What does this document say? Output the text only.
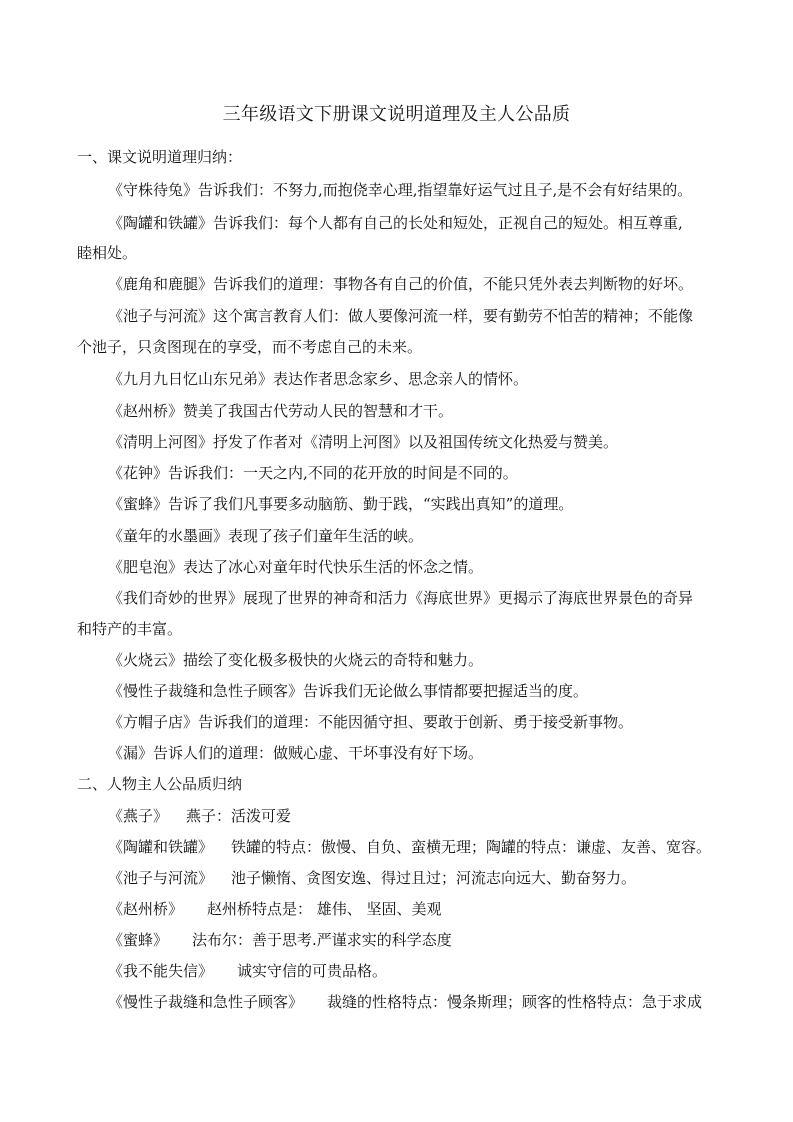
三年级语文下册课文说明道理及主人公品质
一、课文说明道理归纳：
《守株待兔》告诉我们：不努力,而抱侥幸心理,指望靠好运气过且子,是不会有好结果的。
《陶罐和铁罐》告诉我们：每个人都有自己的长处和短处，正视自己的短处。相互尊重,
睦相处。
《鹿角和鹿腿》告诉我们的道理：事物各有自己的价值，不能只凭外表去判断物的好坏。
《池子与河流》这个寓言教育人们：做人要像河流一样，要有勤劳不怕苦的精神；不能像
个池子，只贪图现在的享受，而不考虑自己的未来。
《九月九日忆山东兄弟》表达作者思念家乡、思念亲人的情怀。
《赵州桥》赞美了我国古代劳动人民的智慧和才干。
《清明上河图》抒发了作者对《清明上河图》以及祖国传统文化热爱与赞美。
《花钟》告诉我们：一天之内,不同的花开放的时间是不同的。
《蜜蜂》告诉了我们凡事要多动脑筋、勤于践，“实践出真知”的道理。
《童年的水墨画》表现了孩子们童年生活的峡。
《肥皂泡》表达了冰心对童年时代快乐生活的怀念之情。
《我们奇妙的世界》展现了世界的神奇和活力《海底世界》更揭示了海底世界景色的奇异
和特产的丰富。
《火烧云》描绘了变化极多极快的火烧云的奇特和魅力。
《慢性子裁缝和急性子顾客》告诉我们无论做么事情都要把握适当的度。
《方帽子店》告诉我们的道理：不能因循守担、要敢于创新、勇于接受新事物。
《漏》告诉人们的道理：做贼心虚、干坏事没有好下场。
二、人物主人公品质归纳
《燕子》 燕子：活泼可爱
《陶罐和铁罐》 铁罐的特点：傲慢、自负、蛮横无理；陶罐的特点：谦虚、友善、宽容。
《池子与河流》 池子懒惰、贪图安逸、得过且过；河流志向远大、勤奋努力。
《赵州桥》 赵州桥特点是： 雄伟、 坚固、美观
《蜜蜂》 法布尔：善于思考.严谨求实的科学态度
《我不能失信》 诚实守信的可贵品格。
《慢性子裁缝和急性子顾客》 裁缝的性格特点：慢条斯理；顾客的性格特点：急于求成
